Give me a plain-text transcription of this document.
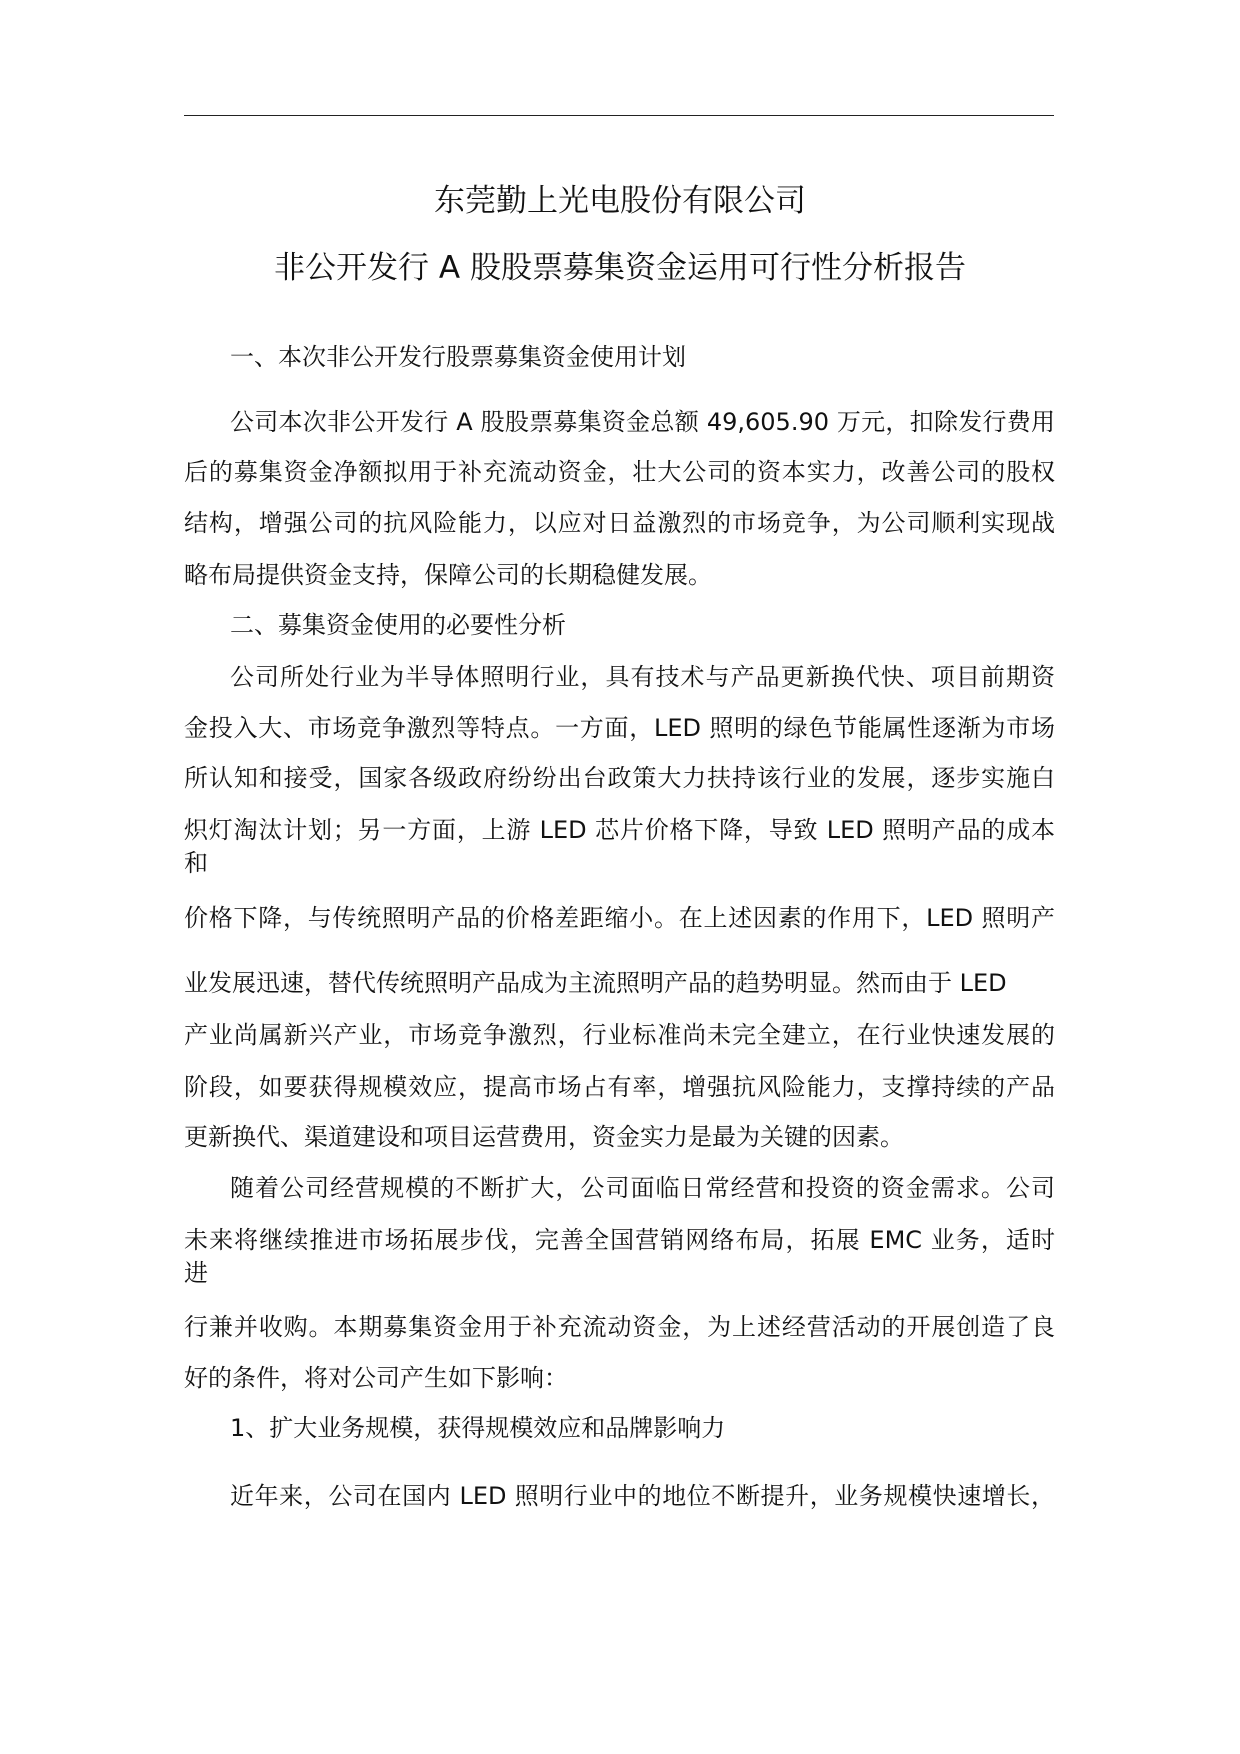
东莞勤上光电股份有限公司
非公开发行 A 股股票募集资金运用可行性分析报告
一、本次非公开发行股票募集资金使用计划
公司本次非公开发行 A 股股票募集资金总额 49,605.90 万元，扣除发行费用
后的募集资金净额拟用于补充流动资金，壮大公司的资本实力，改善公司的股权
结构，增强公司的抗风险能力，以应对日益激烈的市场竞争，为公司顺利实现战
略布局提供资金支持，保障公司的长期稳健发展。
二、募集资金使用的必要性分析
公司所处行业为半导体照明行业，具有技术与产品更新换代快、项目前期资
金投入大、市场竞争激烈等特点。一方面，LED 照明的绿色节能属性逐渐为市场
所认知和接受，国家各级政府纷纷出台政策大力扶持该行业的发展，逐步实施白
炽灯淘汰计划；另一方面，上游 LED 芯片价格下降，导致 LED 照明产品的成本
和
价格下降，与传统照明产品的价格差距缩小。在上述因素的作用下，LED 照明产
业发展迅速，替代传统照明产品成为主流照明产品的趋势明显。然而由于 LED
产业尚属新兴产业，市场竞争激烈，行业标准尚未完全建立，在行业快速发展的
阶段，如要获得规模效应，提高市场占有率，增强抗风险能力，支撑持续的产品
更新换代、渠道建设和项目运营费用，资金实力是最为关键的因素。
随着公司经营规模的不断扩大，公司面临日常经营和投资的资金需求。公司
未来将继续推进市场拓展步伐，完善全国营销网络布局，拓展 EMC 业务，适时
进
行兼并收购。本期募集资金用于补充流动资金，为上述经营活动的开展创造了良
好的条件，将对公司产生如下影响：
1、扩大业务规模，获得规模效应和品牌影响力
近年来，公司在国内 LED 照明行业中的地位不断提升，业务规模快速增长，
